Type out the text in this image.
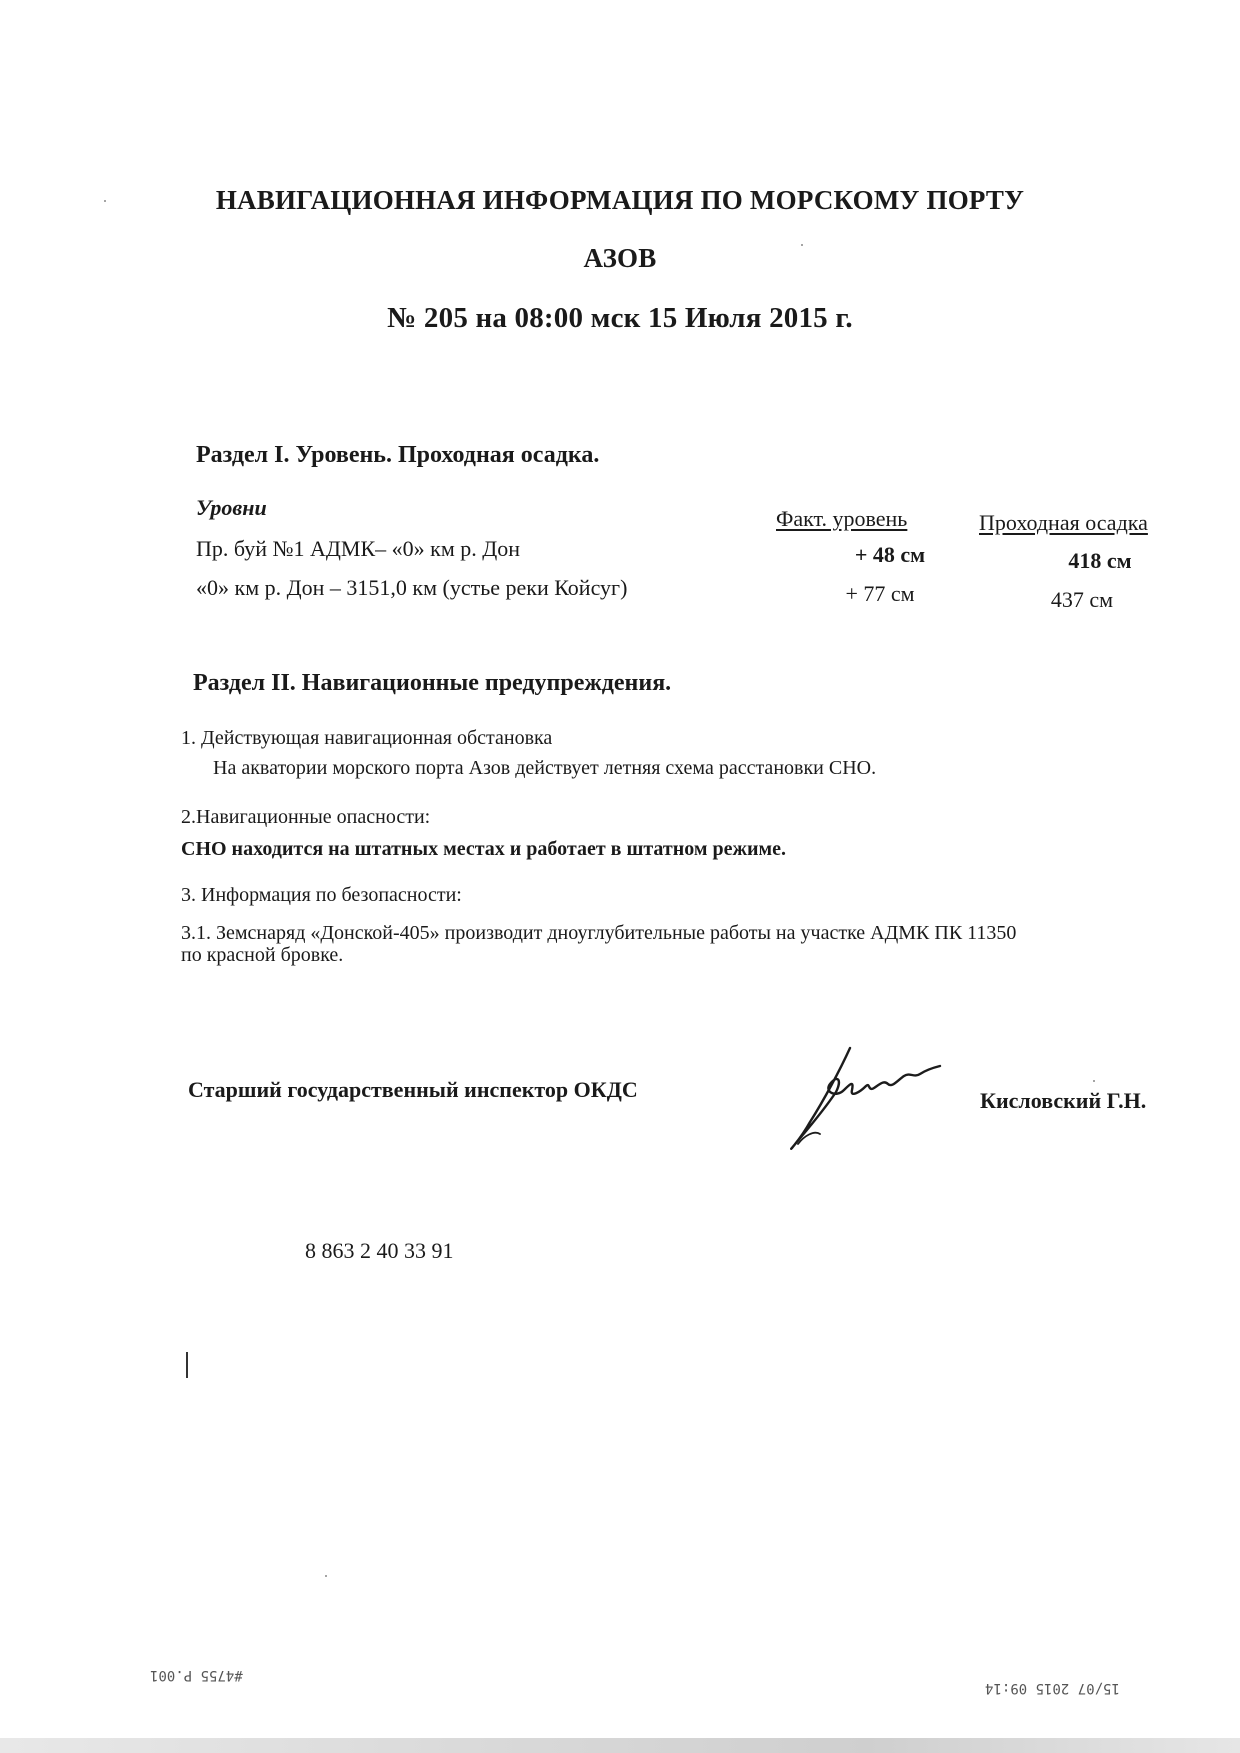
НАВИГАЦИОННАЯ ИНФОРМАЦИЯ ПО МОРСКОМУ ПОРТУ
АЗОВ
№ 205 на 08:00 мск 15 Июля 2015 г.
Раздел I. Уровень. Проходная осадка.
Уровни	Факт. уровень	Проходная осадка
Пр. буй №1 АДМК– «0» км р. Дон	+ 48 см	418 см
«0» км р. Дон – 3151,0 км (устье реки Койсуг)	+ 77 см	437 см
Раздел II. Навигационные предупреждения.
1. Действующая навигационная обстановка
На акватории морского порта Азов действует летняя схема расстановки СНО.
2.Навигационные опасности:
СНО находится на штатных местах и работает в штатном режиме.
3. Информация по безопасности:
3.1. Земснаряд «Донской-405» производит дноуглубительные работы на участке АДМК ПК 11350
по красной бровке.
Старший государственный инспектор ОКДС	Кисловский Г.Н.
8 863 2 40 33 91
#4755 P.001
15/07 2015 09:14
